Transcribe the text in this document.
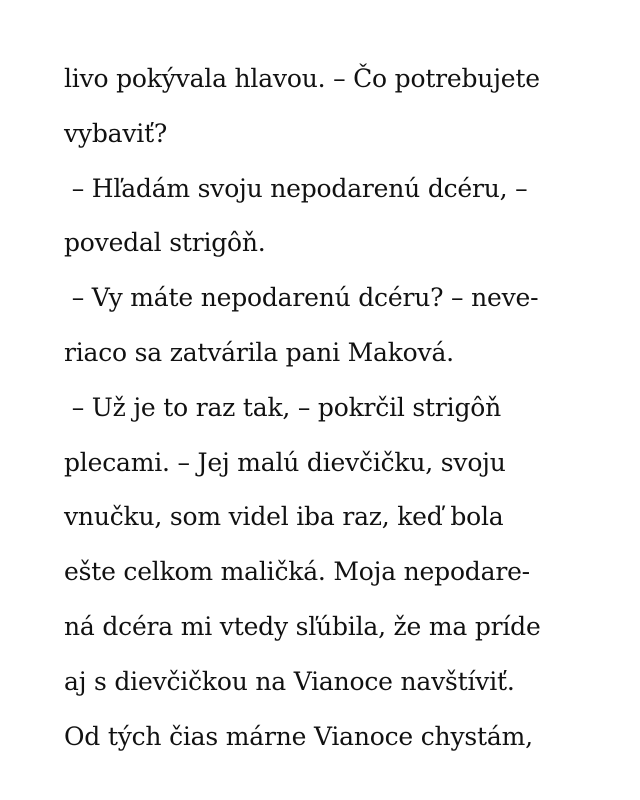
livo pokývala hlavou. – Čo potrebujete
vybaviť?
– Hľadám svoju nepodarenú dcéru, –
povedal strigôň.
– Vy máte nepodarenú dcéru? – neve-
riaco sa zatvárila pani Maková.
– Už je to raz tak, – pokrčil strigôň
plecami. – Jej malú dievčičku, svoju
vnučku, som videl iba raz, keď bola
ešte celkom maličká. Moja nepodare-
ná dcéra mi vtedy sľúbila, že ma príde
aj s dievčičkou na Vianoce navštíviť.
Od tých čias márne Vianoce chystám,
